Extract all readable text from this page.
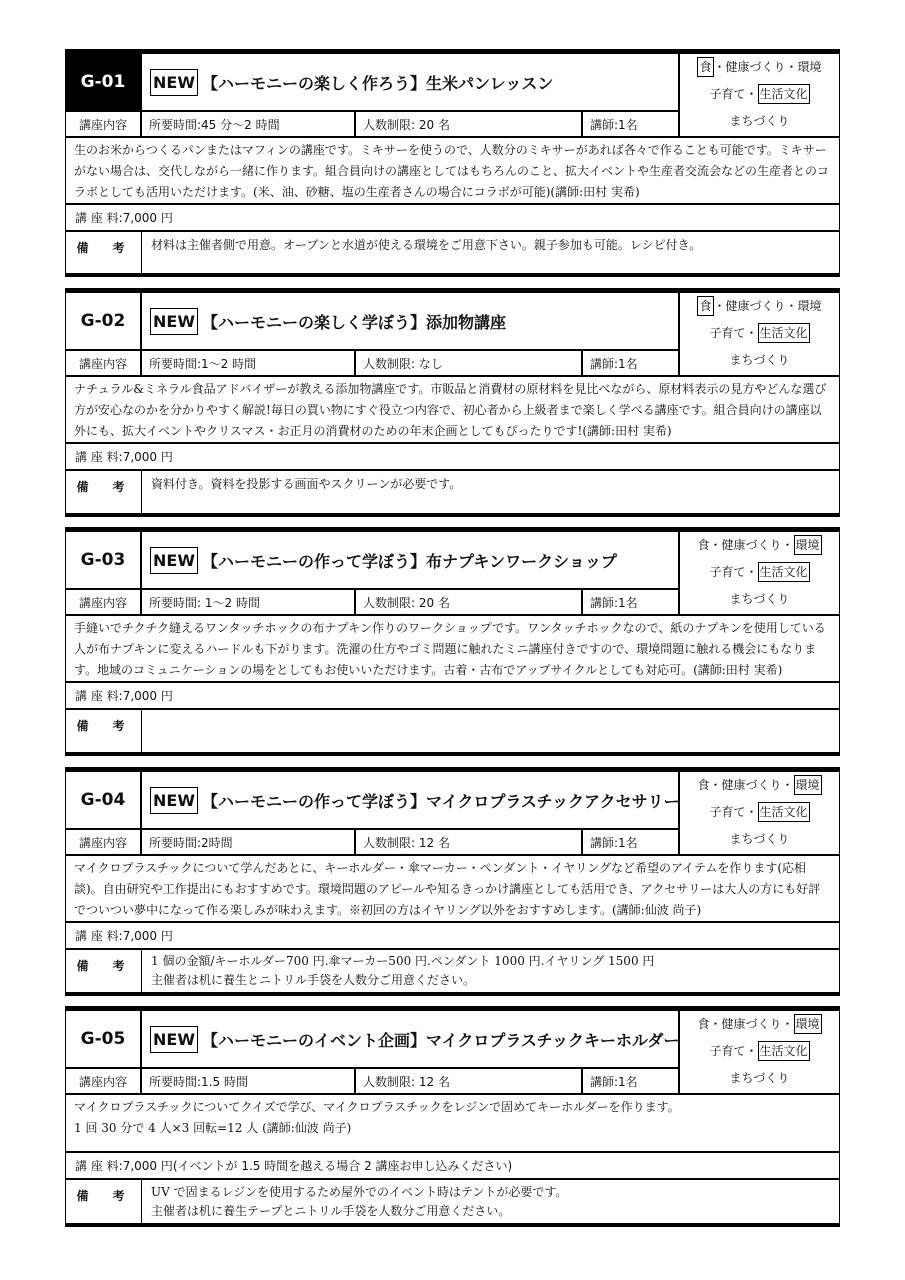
G-01	NEW 【ハーモニーの楽しく作ろう】生米パンレッスン
食 ・健康づくり・環境
子育て・ 生活文化
まちづくり
講座内容	所要時間:45 分〜2 時間	人数制限: 20 名	講師:1名
生のお米からつくるパンまたはマフィンの講座です。ミキサーを使うので、人数分のミキサーがあれば各々で作ることも可能です。ミキサーがない場合は、交代しながら一緒に作ります。組合員向けの講座としてはもちろんのこと、拡大イベントや生産者交流会などの生産者とのコラボとしても活用いただけます。(米、油、砂糖、塩の生産者さんの場合にコラボが可能)(講師:田村 実希)
講 座 料: 7,000 円
備　考	材料は主催者側で用意。オーブンと水道が使える環境をご用意下さい。親子参加も可能。レシピ付き。
G-02	NEW 【ハーモニーの楽しく学ぼう】添加物講座
食 ・健康づくり・環境
子育て・ 生活文化
まちづくり
講座内容	所要時間:1〜2 時間	人数制限: なし	講師:1名
ナチュラル&ミネラル食品アドバイザーが教える添加物講座です。市販品と消費材の原材料を見比べながら、原材料表示の見方やどんな選び方が安心なのかを分かりやすく解説!毎日の買い物にすぐ役立つ内容で、初心者から上級者まで楽しく学べる講座です。組合員向けの講座以外にも、拡大イベントやクリスマス・お正月の消費材のための年末企画としてもぴったりです!(講師:田村 実希)
講 座 料: 7,000 円
備　考	資料付き。資料を投影する画面やスクリーンが必要です。
G-03	NEW 【ハーモニーの作って学ぼう】布ナプキンワークショップ
食・健康づくり・ 環境
子育て・ 生活文化
まちづくり
講座内容	所要時間: 1〜2 時間	人数制限: 20 名	講師:1名
手縫いでチクチク縫えるワンタッチホックの布ナプキン作りのワークショップです。ワンタッチホックなので、紙のナプキンを使用している人が布ナプキンに変えるハードルも下がります。洗濯の仕方やゴミ問題に触れたミニ講座付きですので、環境問題に触れる機会にもなります。地域のコミュニケーションの場をとしてもお使いいただけます。古着・古布でアップサイクルとしても対応可。(講師:田村 実希)
講 座 料: 7,000 円
備　考
G-04	NEW 【ハーモニーの作って学ぼう】マイクロプラスチックアクセサリー
食・健康づくり・ 環境
子育て・ 生活文化
まちづくり
講座内容	所要時間:2時間	人数制限: 12 名	講師:1名
マイクロプラスチックについて学んだあとに、キーホルダー・傘マーカー・ペンダント・イヤリングなど希望のアイテムを作ります(応相談)。自由研究や工作提出にもおすすめです。環境問題のアピールや知るきっかけ講座としても活用でき、アクセサリーは大人の方にも好評でついつい夢中になって作る楽しみが味わえます。※初回の方はイヤリング以外をおすすめします。(講師:仙波 尚子)
講 座 料: 7,000 円
備　考	1 個の金額/キーホルダー700 円.傘マーカー500 円.ペンダント 1000 円.イヤリング 1500 円
主催者は机に養生とニトリル手袋を人数分ご用意ください。
G-05	NEW 【ハーモニーのイベント企画】マイクロプラスチックキーホルダー
食・健康づくり・ 環境
子育て・ 生活文化
まちづくり
講座内容	所要時間:1.5 時間	人数制限: 12 名	講師:1名
マイクロプラスチックについてクイズで学び、マイクロプラスチックをレジンで固めてキーホルダーを作ります。
1 回 30 分で 4 人×3 回転=12 人 (講師:仙波 尚子)
講 座 料: 7,000 円(イベントが 1.5 時間を越える場合 2 講座お申し込みください)
備　考	UV で固まるレジンを使用するため屋外でのイベント時はテントが必要です。
主催者は机に養生テープとニトリル手袋を人数分ご用意ください。
